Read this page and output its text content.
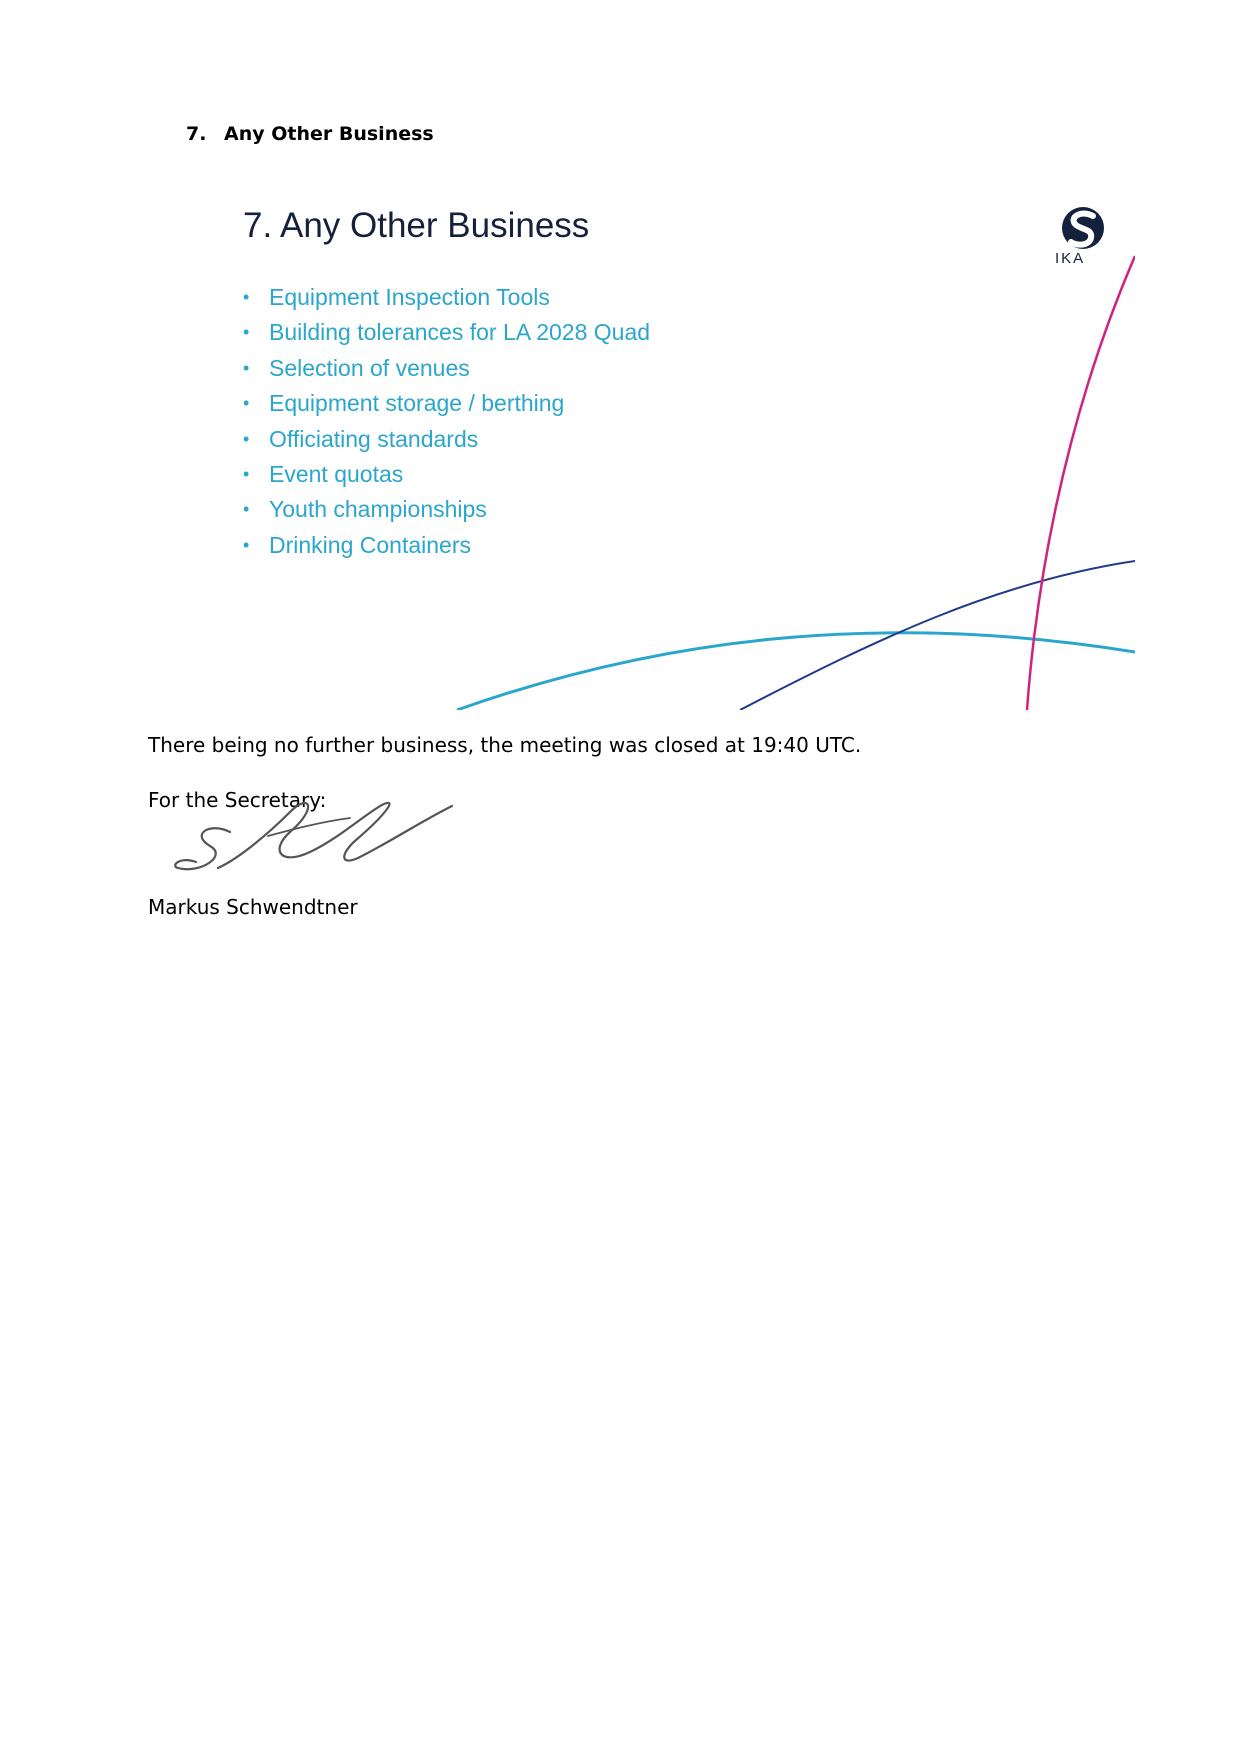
7. Any Other Business
7. Any Other Business
• Equipment Inspection Tools
• Building tolerances for LA 2028 Quad
• Selection of venues
• Equipment storage / berthing
• Officiating standards
• Event quotas
• Youth championships
• Drinking Containers
IKA
There being no further business, the meeting was closed at 19:40 UTC.
For the Secretary:
Markus Schwendtner
